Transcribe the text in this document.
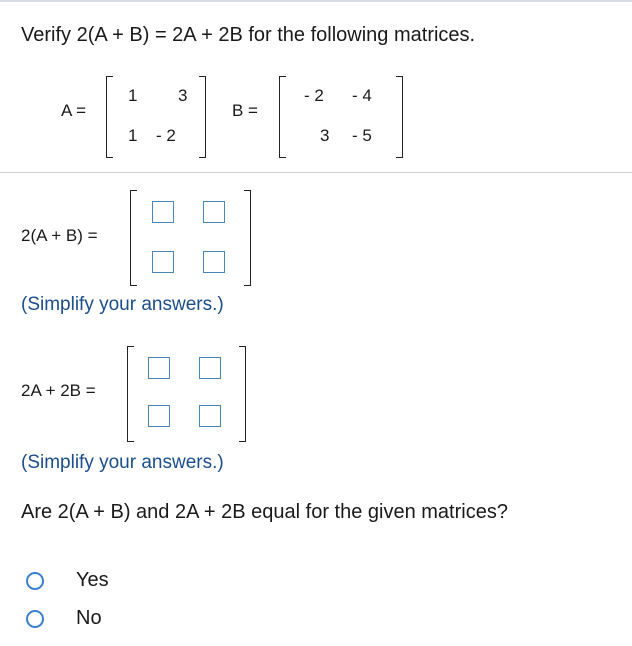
Verify 2(A + B) = 2A + 2B for the following matrices.
A =
1 3
1 - 2
B =
- 2 - 4
3 - 5
2(A + B) =
(Simplify your answers.)
2A + 2B =
(Simplify your answers.)
Are 2(A + B) and 2A + 2B equal for the given matrices?
Yes
No
